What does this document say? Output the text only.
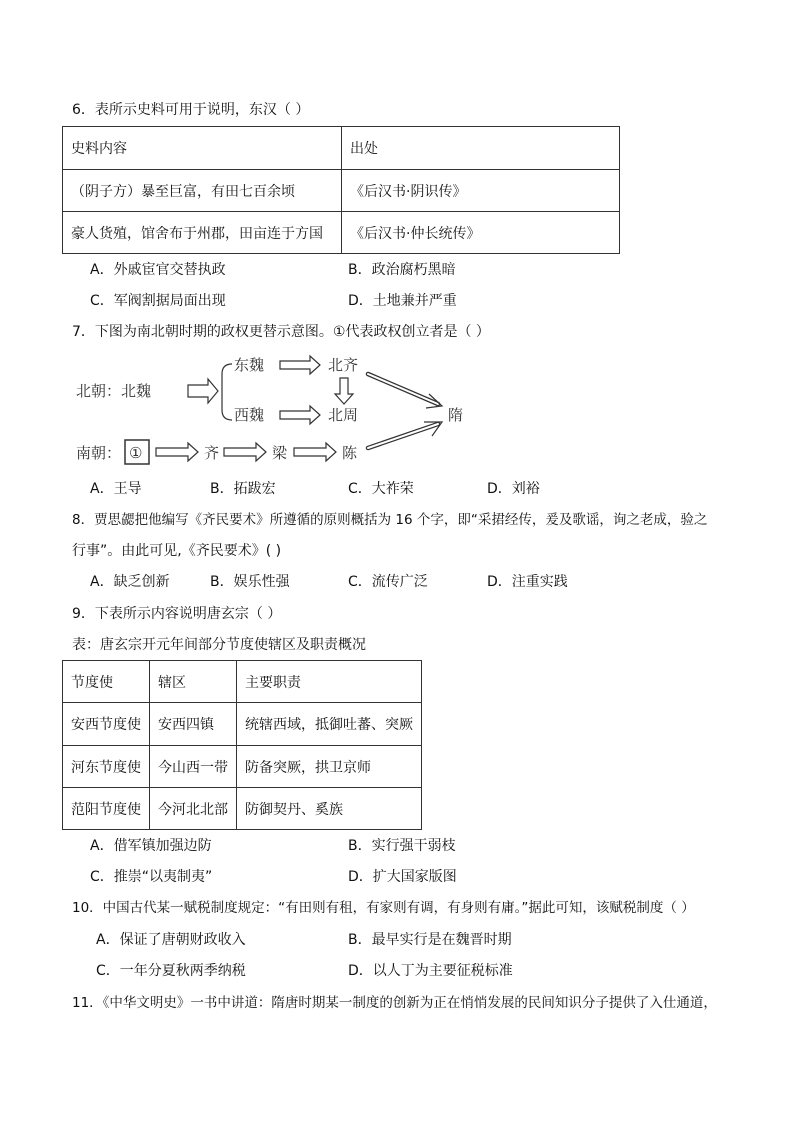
6．表所示史料可用于说明，东汉（ ）
史料内容	出处
（阴子方）暴至巨富，有田七百余顷	《后汉书·阴识传》
豪人货殖，馆舍布于州郡，田亩连于方国	《后汉书·仲长统传》
A．外戚宦官交替执政	B．政治腐朽黑暗
C．军阀割据局面出现	D．土地兼并严重
7．下图为南北朝时期的政权更替示意图。①代表政权创立者是（ ）
北朝：北魏
东魏
西魏
北齐
北周	隋
南朝： ①	齐	梁	陈
A．王导	B．拓跋宏	C．大祚荣	D．刘裕
8．贾思勰把他编写《齐民要术》所遵循的原则概括为 16 个字，即“采捃经传，爰及歌谣，询之老成，验之
行事”。由此可见,《齐民要术》( )
A．缺乏创新	B．娱乐性强	C．流传广泛	D．注重实践
9．下表所示内容说明唐玄宗（ ）
表：唐玄宗开元年间部分节度使辖区及职责概况
节度使	辖区	主要职责
安西节度使	安西四镇	统辖西域，抵御吐蕃、突厥
河东节度使	今山西一带	防备突厥，拱卫京师
范阳节度使	今河北北部	防御契丹、奚族
A．借军镇加强边防	B．实行强干弱枝
C．推崇“以夷制夷”	D．扩大国家版图
10．中国古代某一赋税制度规定：“有田则有租，有家则有调，有身则有庸。”据此可知，该赋税制度（ ）
A．保证了唐朝财政收入	B．最早实行是在魏晋时期
C．一年分夏秋两季纳税	D．以人丁为主要征税标准
11．《中华文明史》一书中讲道：隋唐时期某一制度的创新为正在悄悄发展的民间知识分子提供了入仕通道，
